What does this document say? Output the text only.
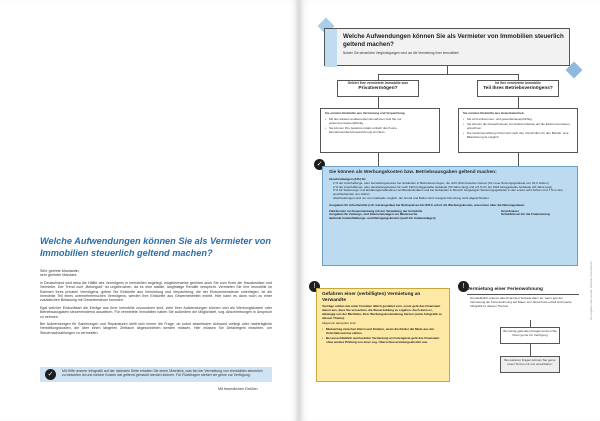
Welche Aufwendungen können Sie als Vermieter von Immobilien steuerlich geltend machen?

Sehr geehrte Mandantin,

sehr geehrter Mandant,

in Deutschland wird etwa die Hälfte des Vermögens in Immobilien angelegt, möglicherweise gehören auch Sie zum Kreis der Hausbesitzer und Vermieter. Der Trend zum „Betongold“ ist ungebrochen, da es eine stabile, langfristige Rendite verspricht. Vermieten Sie Ihre Immobilie im Rahmen Ihres privaten Vermögens, geben Sie Einkünfte aus Vermietung und Verpachtung; die der Einkommensteuer unterliegen. Ist die Immobilie Teil eines unternehmerischen Vermögens, werden Ihre Einkünfte aus Gewerbebetrieb erzielt. Hier kann es dann noch zu einer zusätzlichen Belastung mit Gewerbesteuer kommen.

Egal welcher Einkunftsart die Erträge aus Ihrer Immobilie zuzuordnen sind, viele Ihrer Aufwendungen können sich als Werbungskosten oder Betriebsausgaben steuermindernd auswirken. Für vermietete Immobilien haben Sie außerdem die Möglichkeit, sog. Abschreibungen in Anspruch zu nehmen.

Bei Aufwendungen für Sanierungen und Reparaturen stellt sich immer die Frage, ob sofort abziehbarer Aufwand vorliegt oder nachträgliche Herstellungskosten, die über einen längeren Zeitraum abgeschrieben werden müssen. Hier müssen Sie Detailregeln beachten, um Steuernachzahlungen zu vermeiden.

✓	Mit Hilfe unserer Infografik auf der nächsten Seite erhalten Sie einen Überblick, was bei der Vermietung von Immobilien steuerlich zu beachten ist und welche Kosten wie geltend gemacht werden können. Für Rückfragen stehen wir gerne zur Verfügung.
Mit freundlichen Grüßen
Welche Aufwendungen können Sie als Vermieter von Immobilien steuerlich geltend machen?
Nutzen Sie steuerliche Vergünstigungen rund um die Vermietung Ihrer Immobilien!
Gehört Ihre vermietete Immobilie zum
Privatvermögen?
Ist Ihre vermietete Immobilie
Teil Ihres Betriebsvermögens?
Sie erzielen Einkünfte aus Vermietung und Verpachtung.
• Mit den daraus resultierenden Einnahmen sind Sie nur einkommensteuerpflichtig.
• Sie können Ihre Gewinne relativ einfach durch eine Einnahmenüberschussrechnung ermitteln.
Sie erzielen Einkünfte aus Gewerbebetrieb.
• Sie sind einkommen- und gewerbesteuerpflichtig.
• Sie können die Gewerbesteuer zumindest teilweise auf die Einkommensteuer anrechnen.
• Die Gewinnermittlung richtet sich nach den Vorschriften für den Betrieb, eine Bilanzierung ist möglich.
✓
Sie können als Werbungskosten bzw. Betriebsausgaben geltend machen:
Abschreibungen (AfA) für
2 % der Anschaffungs- oder Herstellungskosten bei Gebäuden in Betriebsvermögen, die nicht Wohnzwecken dienen (für neue Nutzungsgebäude von 33,3 Jahren)
2 % der Anschaffungs- oder Herstellungskosten für nach 1924 fertiggestellte Gebäude (50 Jahre lang) und 2,5 % für bis 1924 fertiggestellte Gebäude (40 Jahre lang)
9 % für Sanierungs- und Erhaltungsmaßnahmen an Baudenkmälern und bei Gebäuden in Bereich festgelegter Sanierungsgebieten in den ersten acht Jahren und 7 % in den anschließenden vier Jahren
Abschreibungen sind nur vom Gebäude möglich, der Grund und Boden wird mangels Abnutzung nicht abgeschrieben.
Ausgaben für Arbeitsmittel (z.B. Gartengeräte) bei Nettopreisen bis 800 € sofort als Werbungskosten, ansonsten über die Nutzungsdauer.
Fahrtkosten im Zusammenhang mit der Verwaltung der Immobilie
Ausgaben für Zeitungs- und Internetanzeigen zur Mietersuche
laufende Instandhaltungs- und Reinigungskosten (auch für Außenanlagen)
Grundsteuer
Schuldzinsen für die Finanzierung
!
Gefahren einer (verbilligten) Vermietung an Verwandte

Verträge sollten wie unter Fremden üblich gestaltet sein, sonst geht das Finanzamt davon aus, dass Sie versuchen, die Steuerzahlung zu ergehen. Auch kann es, abhängig von der Miethöhe, Ihrer Werbungskostenabzug kürzen (siehe Infografik zu diesem Thema).

Allgemein akzeptiert sind:

• Mietvertrag zwischen Eltern und Kindern, wenn die Kinder die Miete aus der Unterhaltssumme zahlen.
• Bei ausschließlich wechselnder Vermietung an Feriengäste geht das Finanzamt ohne weitere Prüfung von einer sog. Überschusserzielungsabsicht aus.
! Vermietung einer Ferienwohnung
Grundsätzlich erkennt das Finanzamt Verluste dann an, wenn aus der Vermietung der Ferienwohnung auf Dauer ein Überschuss erzielt wird (siehe Infografik zu diesem Thema).
Bei wenig gehenden Fragen können Sie ihnen gerne zur Verfügung
Bei weiteren Fragen können Sie gerne einen Termin mit uns vereinbaren.
Alle Angaben ohne Gewähr. Stand der Informationen.
